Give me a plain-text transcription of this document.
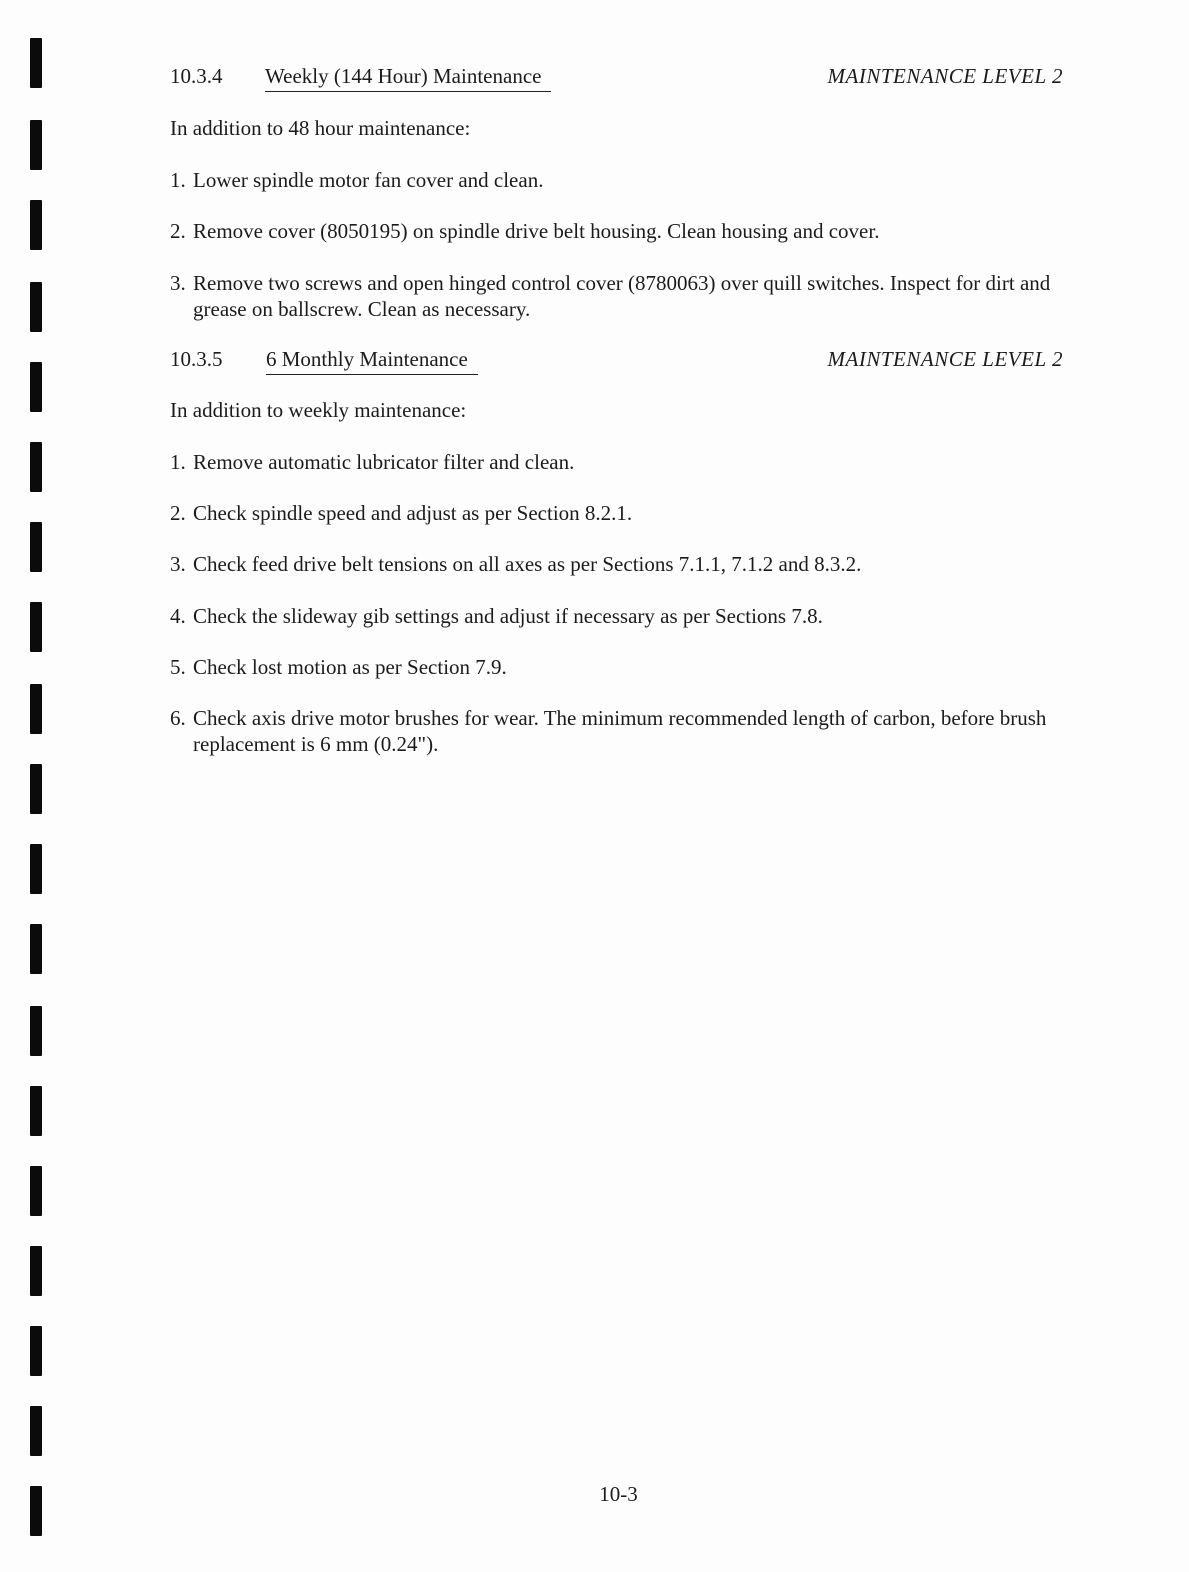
10.3.4 Weekly (144 Hour) Maintenance	MAINTENANCE LEVEL 2
In addition to 48 hour maintenance:
1. Lower spindle motor fan cover and clean.
2. Remove cover (8050195) on spindle drive belt housing. Clean housing and cover.
3. Remove two screws and open hinged control cover (8780063) over quill switches. Inspect for dirt and grease on ballscrew. Clean as necessary.
10.3.5 6 Monthly Maintenance	MAINTENANCE LEVEL 2
In addition to weekly maintenance:
1. Remove automatic lubricator filter and clean.
2. Check spindle speed and adjust as per Section 8.2.1.
3. Check feed drive belt tensions on all axes as per Sections 7.1.1, 7.1.2 and 8.3.2.
4. Check the slideway gib settings and adjust if necessary as per Sections 7.8.
5. Check lost motion as per Section 7.9.
6. Check axis drive motor brushes for wear. The minimum recommended length of carbon, before brush replacement is 6 mm (0.24").
10-3
